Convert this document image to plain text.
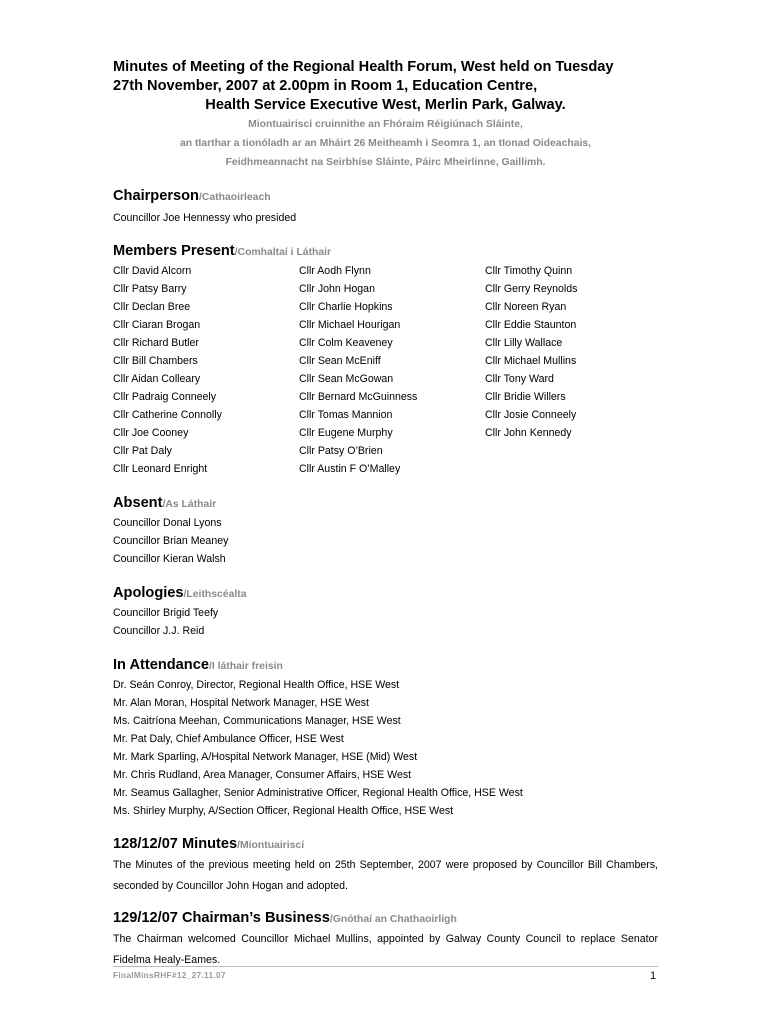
Minutes of Meeting of the Regional Health Forum, West held on Tuesday
27th November, 2007 at 2.00pm in Room 1, Education Centre,
Health Service Executive West, Merlin Park, Galway.
Miontuairiscí cruinnithe an Fhóraim Réigiúnach Sláinte,
an tIarthar a tionóladh ar an Mháirt 26 Meitheamh i Seomra 1, an tIonad Oideachais,
Feidhmeannacht na Seirbhíse Sláinte, Páirc Mheirlinne, Gaillimh.
Chairperson/Cathaoirleach
Councillor Joe Hennessy who presided
Members Present/Comhaltaí i Láthair
Cllr David Alcorn
Cllr Patsy Barry
Cllr Declan Bree
Cllr Ciaran Brogan
Cllr Richard Butler
Cllr Bill Chambers
Cllr Aidan Colleary
Cllr Padraig Conneely
Cllr Catherine Connolly
Cllr Joe Cooney
Cllr Pat Daly
Cllr Leonard Enright
Cllr Aodh Flynn
Cllr John Hogan
Cllr Charlie Hopkins
Cllr Michael Hourigan
Cllr Colm Keaveney
Cllr Sean McEniff
Cllr Sean McGowan
Cllr Bernard McGuinness
Cllr Tomas Mannion
Cllr Eugene Murphy
Cllr Patsy O’Brien
Cllr Austin F O’Malley
Cllr Timothy Quinn
Cllr Gerry Reynolds
Cllr Noreen Ryan
Cllr Eddie Staunton
Cllr Lilly Wallace
Cllr Michael Mullins
Cllr Tony Ward
Cllr Bridie Willers
Cllr Josie Conneely
Cllr John Kennedy
Absent/As Láthair
Councillor Donal Lyons
Councillor Brian Meaney
Councillor Kieran Walsh
Apologies/Leithscéalta
Councillor Brigid Teefy
Councillor J.J. Reid
In Attendance/I láthair freisin
Dr. Seán Conroy, Director, Regional Health Office, HSE West
Mr. Alan Moran, Hospital Network Manager, HSE West
Ms. Caitríona Meehan, Communications Manager, HSE West
Mr. Pat Daly, Chief Ambulance Officer, HSE West
Mr. Mark Sparling, A/Hospital Network Manager, HSE (Mid) West
Mr. Chris Rudland, Area Manager, Consumer Affairs, HSE West
Mr. Seamus Gallagher, Senior Administrative Officer, Regional Health Office, HSE West
Ms. Shirley Murphy, A/Section Officer, Regional Health Office, HSE West
128/12/07 Minutes/Miontuairiscí
The Minutes of the previous meeting held on 25th September, 2007 were proposed by Councillor Bill Chambers, seconded by Councillor John Hogan and adopted.
129/12/07 Chairman’s Business/Gnóthaí an Chathaoirligh
The Chairman welcomed Councillor Michael Mullins, appointed by Galway County Council to replace Senator Fidelma Healy-Eames.
FinalMinsRHF#12_27.11.07	1
